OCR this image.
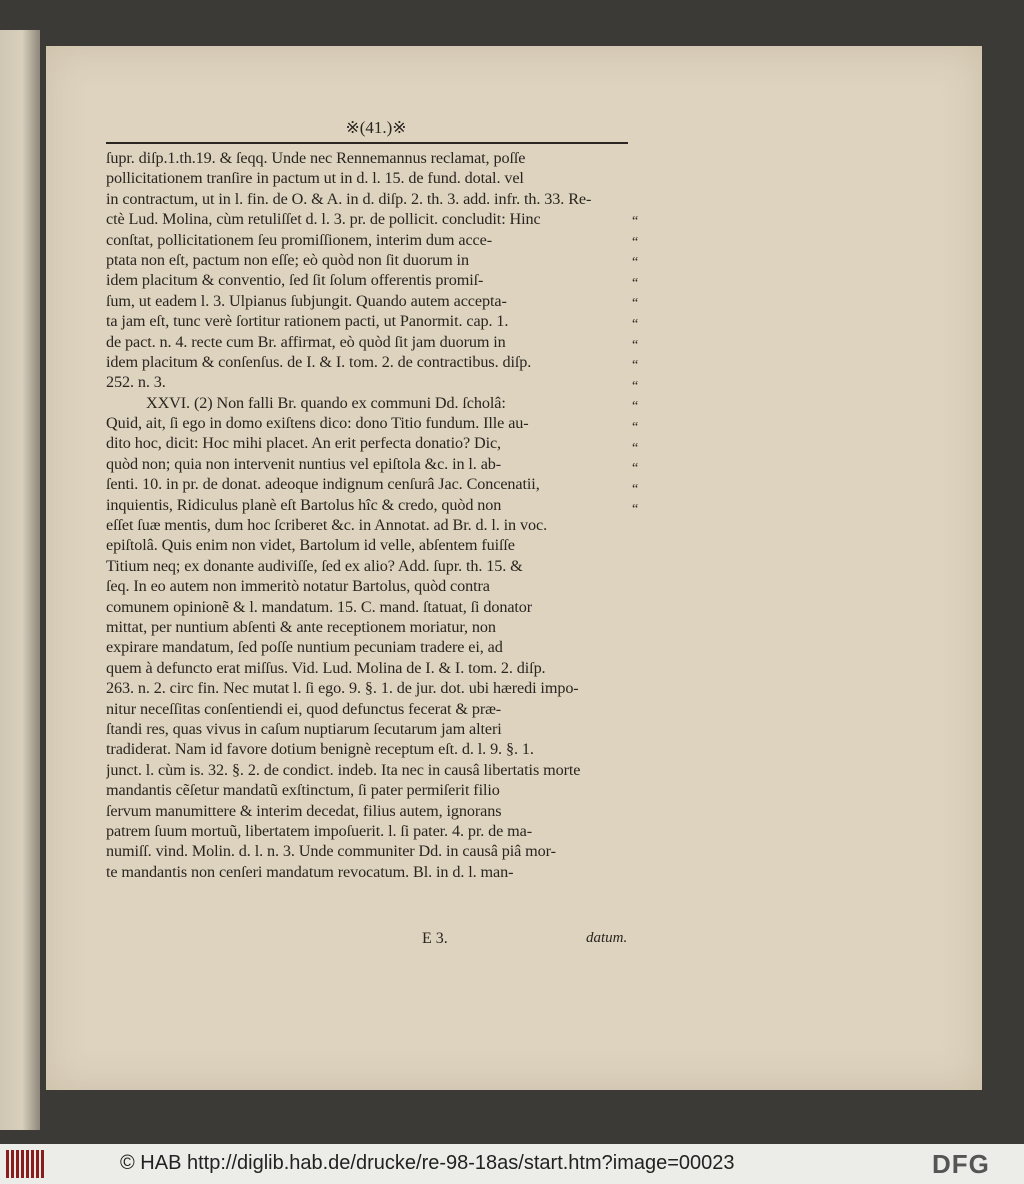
※(41.)※
ſupr. diſp.1.th.19. & ſeqq. Unde nec Rennemannus reclamat, poſſe
pollicitationem tranſire in pactum ut in d. l. 15. de fund. dotal. vel
in contractum, ut in l. fin. de O. & A. in d. diſp. 2. th. 3. add. infr. th. 33. Re-
ctè Lud. Molina, cùm retuliſſet d. l. 3. pr. de pollicit. concludit: Hinc
conſtat, pollicitationem ſeu promiſſionem, interim dum acce-
ptata non eſt, pactum non eſſe; eò quòd non ſit duorum in
idem placitum & conventio, ſed ſit ſolum offerentis promiſ-
ſum, ut eadem l. 3. Ulpianus ſubjungit. Quando autem accepta-
ta jam eſt, tunc verè ſortitur rationem pacti, ut Panormit. cap. 1.
de pact. n. 4. recte cum Br. affirmat, eò quòd ſit jam duorum in
idem placitum & conſenſus. de I. & I. tom. 2. de contractibus. diſp.
252. n. 3.
XXVI. (2) Non falli Br. quando ex communi Dd. ſcholâ:
Quid, ait, ſi ego in domo exiſtens dico: dono Titio fundum. Ille au-
dito hoc, dicit: Hoc mihi placet. An erit perfecta donatio? Dic,
quòd non; quia non intervenit nuntius vel epiſtola &c. in l. ab-
ſenti. 10. in pr. de donat. adeoque indignum cenſurâ Jac. Concenatii,
inquientis, Ridiculus planè eſt Bartolus hîc & credo, quòd non
eſſet ſuæ mentis, dum hoc ſcriberet &c. in Annotat. ad Br. d. l. in voc.
epiſtolâ. Quis enim non videt, Bartolum id velle, abſentem fuiſſe
Titium neq; ex donante audiviſſe, ſed ex alio? Add. ſupr. th. 15. &
ſeq. In eo autem non immeritò notatur Bartolus, quòd contra
comunem opinionẽ & l. mandatum. 15. C. mand. ſtatuat, ſi donator
mittat, per nuntium abſenti & ante receptionem moriatur, non
expirare mandatum, ſed poſſe nuntium pecuniam tradere ei, ad
quem à defuncto erat miſſus. Vid. Lud. Molina de I. & I. tom. 2. diſp.
263. n. 2. circ fin. Nec mutat l. ſi ego. 9. §. 1. de jur. dot. ubi hæredi impo-
nitur neceſſitas conſentiendi ei, quod defunctus fecerat & præ-
ſtandi res, quas vivus in caſum nuptiarum ſecutarum jam alteri
tradiderat. Nam id favore dotium benignè receptum eſt. d. l. 9. §. 1.
junct. l. cùm is. 32. §. 2. de condict. indeb. Ita nec in causâ libertatis morte
mandantis cẽſetur mandatũ exſtinctum, ſi pater permiſerit filio
ſervum manumittere & interim decedat, filius autem, ignorans
patrem ſuum mortuũ, libertatem impoſuerit. l. ſi pater. 4. pr. de ma-
numiſſ. vind. Molin. d. l. n. 3. Unde communiter Dd. in causâ piâ mor-
te mandantis non cenſeri mandatum revocatum. Bl. in d. l. man-
“
“
“
“
“
“
“
“
“
“
“
“
“
“
“
E 3.	datum.
© HAB http://diglib.hab.de/drucke/re-98-18as/start.htm?image=00023	DFG
